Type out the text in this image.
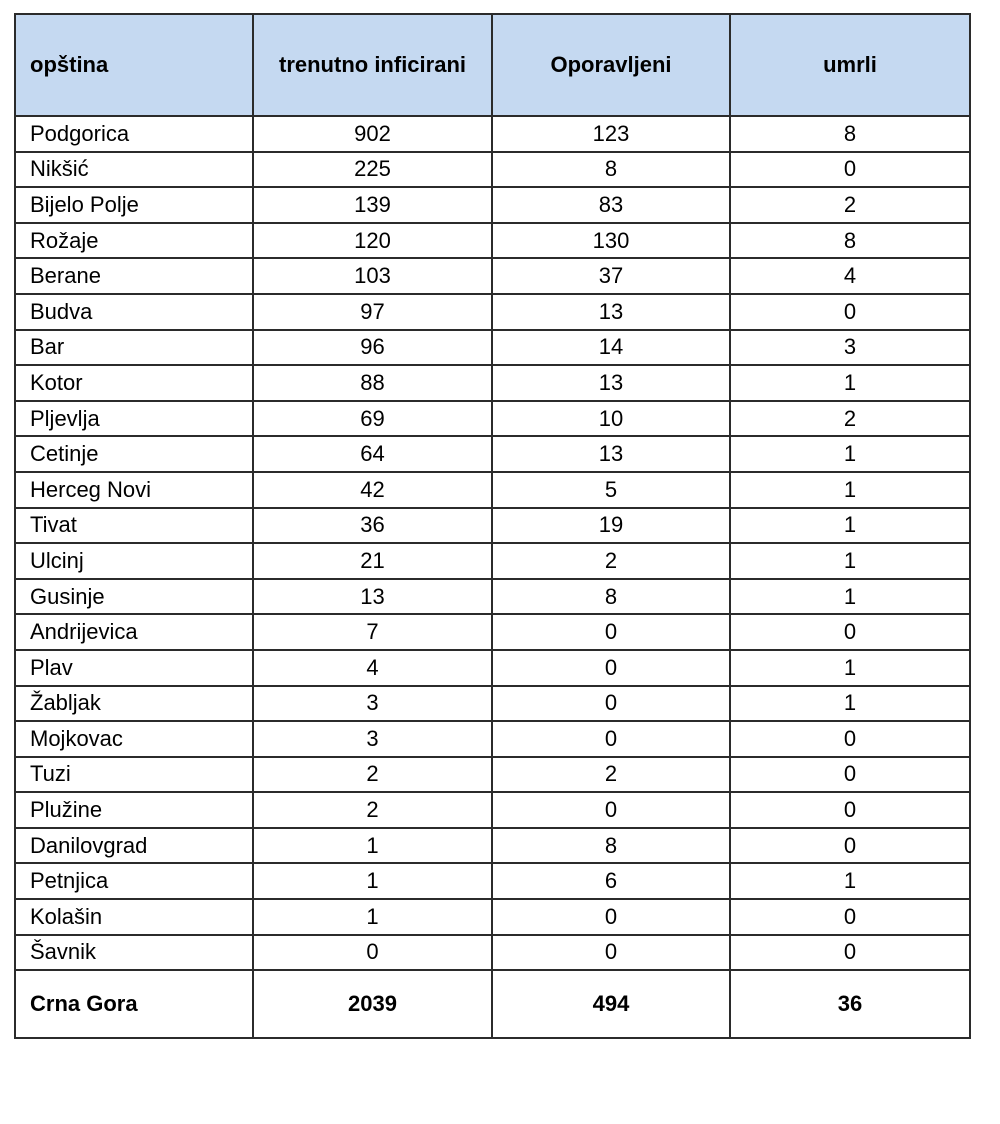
opština	trenutno inficirani	Oporavljeni	umrli
Podgorica	902	123	8
Nikšić	225	8	0
Bijelo Polje	139	83	2
Rožaje	120	130	8
Berane	103	37	4
Budva	97	13	0
Bar	96	14	3
Kotor	88	13	1
Pljevlja	69	10	2
Cetinje	64	13	1
Herceg Novi	42	5	1
Tivat	36	19	1
Ulcinj	21	2	1
Gusinje	13	8	1
Andrijevica	7	0	0
Plav	4	0	1
Žabljak	3	0	1
Mojkovac	3	0	0
Tuzi	2	2	0
Plužine	2	0	0
Danilovgrad	1	8	0
Petnjica	1	6	1
Kolašin	1	0	0
Šavnik	0	0	0
Crna Gora	2039	494	36
